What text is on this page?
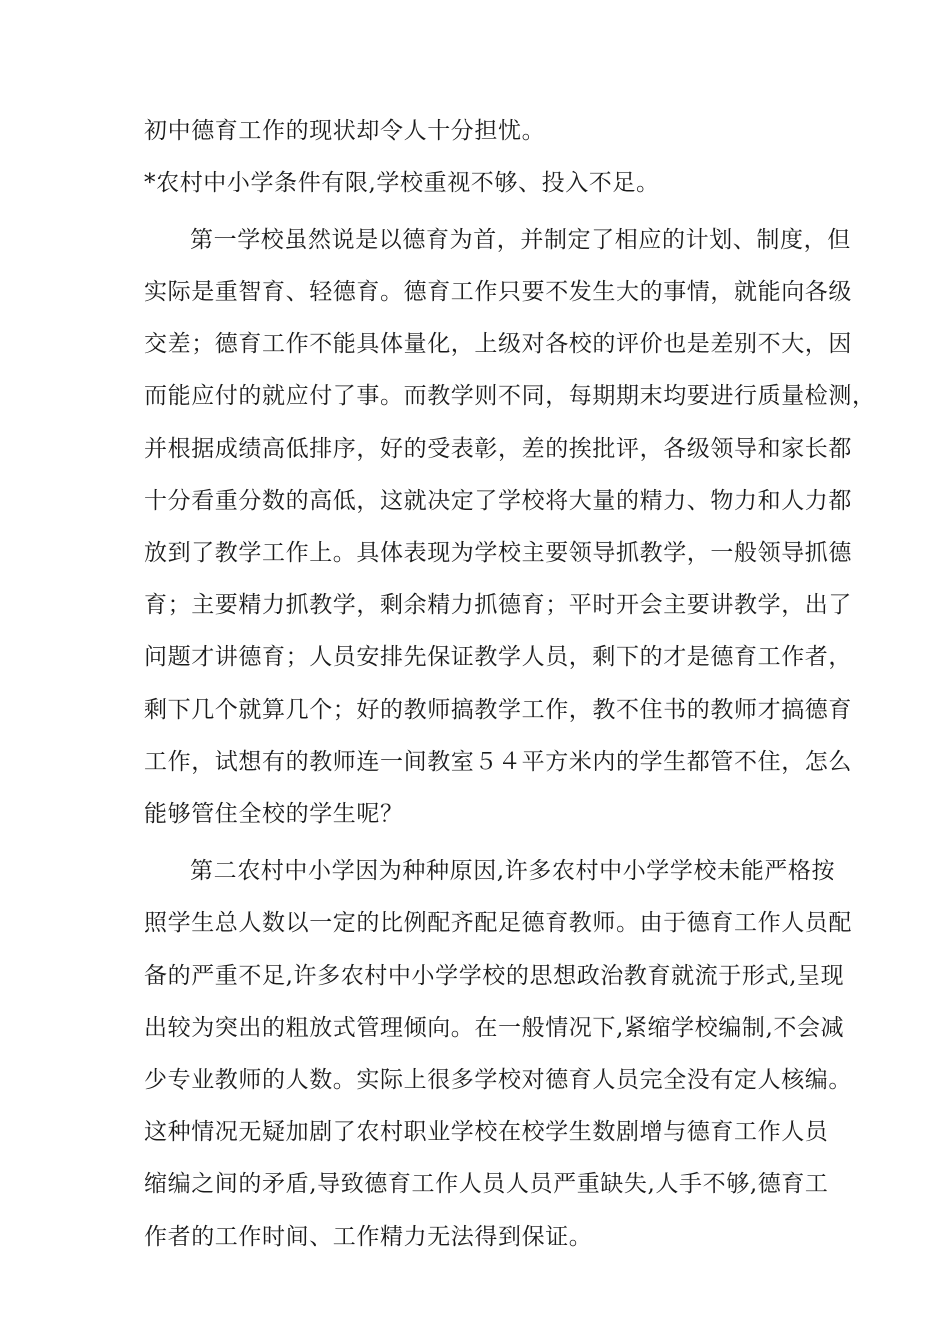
初中德育工作的现状却令人十分担忧。
*农村中小学条件有限,学校重视不够、投入不足。
第一学校虽然说是以德育为首，并制定了相应的计划、制度，但
实际是重智育、轻德育。德育工作只要不发生大的事情，就能向各级
交差；德育工作不能具体量化，上级对各校的评价也是差别不大，因
而能应付的就应付了事。而教学则不同，每期期末均要进行质量检测，
并根据成绩高低排序，好的受表彰，差的挨批评，各级领导和家长都
十分看重分数的高低，这就决定了学校将大量的精力、物力和人力都
放到了教学工作上。具体表现为学校主要领导抓教学，一般领导抓德
育；主要精力抓教学，剩余精力抓德育；平时开会主要讲教学，出了
问题才讲德育；人员安排先保证教学人员，剩下的才是德育工作者，
剩下几个就算几个；好的教师搞教学工作，教不住书的教师才搞德育
工作，试想有的教师连一间教室５４平方米内的学生都管不住，怎么
能够管住全校的学生呢？
第二农村中小学因为种种原因,许多农村中小学学校未能严格按
照学生总人数以一定的比例配齐配足德育教师。由于德育工作人员配
备的严重不足,许多农村中小学学校的思想政治教育就流于形式,呈现
出较为突出的粗放式管理倾向。在一般情况下,紧缩学校编制,不会减
少专业教师的人数。实际上很多学校对德育人员完全没有定人核编。
这种情况无疑加剧了农村职业学校在校学生数剧增与德育工作人员
缩编之间的矛盾,导致德育工作人员人员严重缺失,人手不够,德育工
作者的工作时间、工作精力无法得到保证。
